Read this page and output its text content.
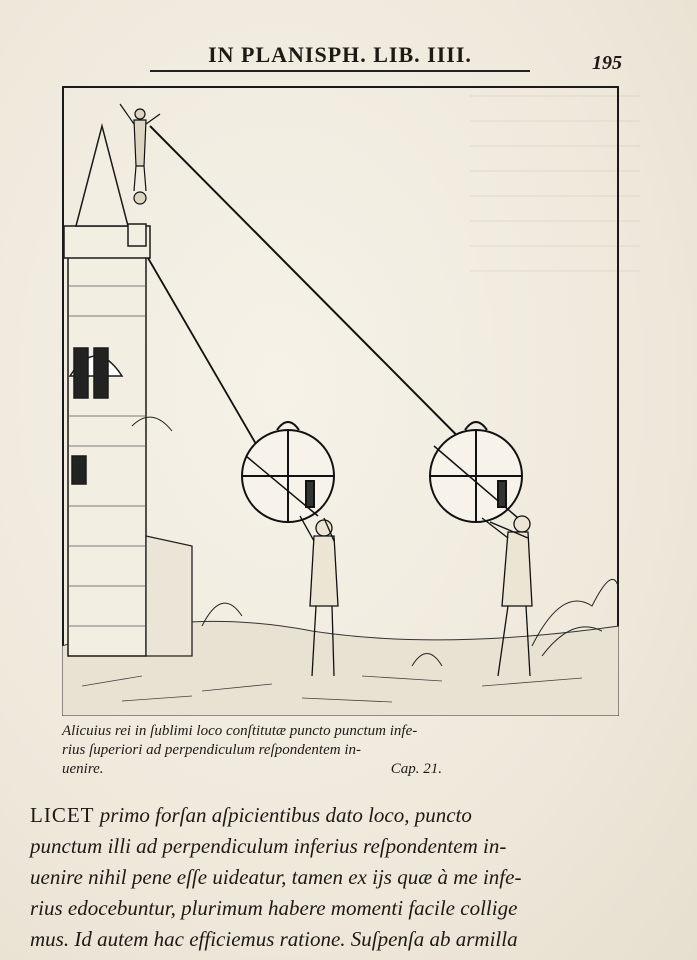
IN PLANISPH. LIB. IIII.	195
Alicuius rei in ſublimi loco conſtitutæ puncto punctum infe-
rius ſuperiori ad perpendiculum reſpondentem in-
uenire.	Cap. 21.
LICET primo forſan aſpicientibus dato loco, puncto
punctum illi ad perpendiculum inferius reſpondentem in-
uenire nihil pene eſſe uideatur, tamen ex ijs quæ à me infe-
rius edocebuntur, plurimum habere momenti facile collige
mus. Id autem hac efficiemus ratione. Suſpenſa ab armilla
